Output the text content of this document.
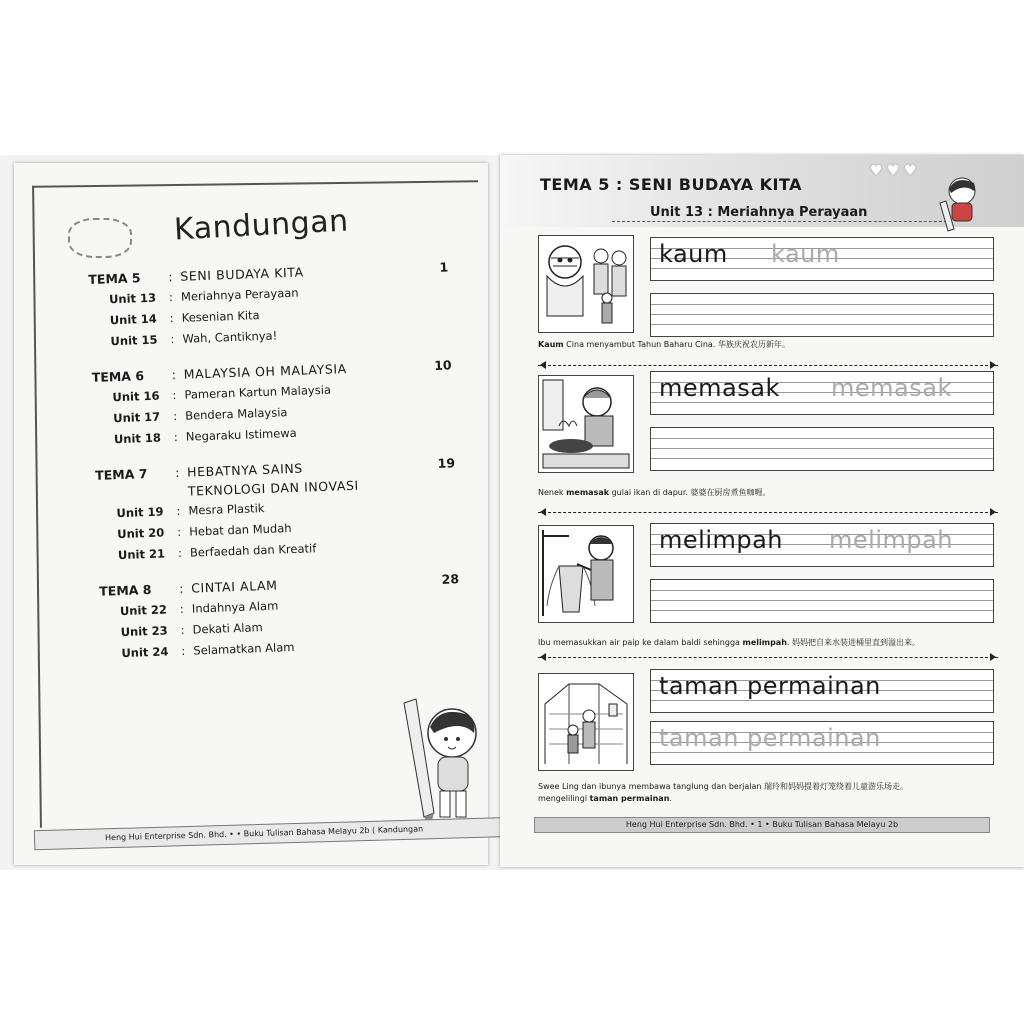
Kandungan
TEMA 5	: SENI BUDAYA KITA	1
Unit 13	: Meriahnya Perayaan
Unit 14	: Kesenian Kita
Unit 15	: Wah, Cantiknya!
TEMA 6	: MALAYSIA OH MALAYSIA	10
Unit 16	: Pameran Kartun Malaysia
Unit 17	: Bendera Malaysia
Unit 18	: Negaraku Istimewa
TEMA 7	: HEBATNYA SAINS	19
TEKNOLOGI DAN INOVASI
Unit 19	: Mesra Plastik
Unit 20	: Hebat dan Mudah
Unit 21	: Berfaedah dan Kreatif
TEMA 8	: CINTAI ALAM	28
Unit 22	: Indahnya Alam
Unit 23	: Dekati Alam
Unit 24	: Selamatkan Alam
Heng Hui Enterprise Sdn. Bhd. • • Buku Tulisan Bahasa Melayu 2b ( Kandungan
♥ ♥ ♥
TEMA 5 : SENI BUDAYA KITA
Unit 13 : Meriahnya Perayaan
kaum kaum
Kaum Cina menyambut Tahun Baharu Cina. 华族庆祝农历新年。
memasak memasak
Nenek memasak gulai ikan di dapur. 婆婆在厨房煮鱼咖喱。
melimpah melimpah
Ibu memasukkan air paip ke dalam baldi sehingga melimpah. 妈妈把自来水装进桶里直到溢出来。
taman permainan
taman permainan
Swee Ling dan ibunya membawa tanglung dan berjalan 瑞玲和妈妈提着灯笼绕着儿童游乐场走。
mengelilingi taman permainan.
Heng Hui Enterprise Sdn. Bhd. • 1 • Buku Tulisan Bahasa Melayu 2b
